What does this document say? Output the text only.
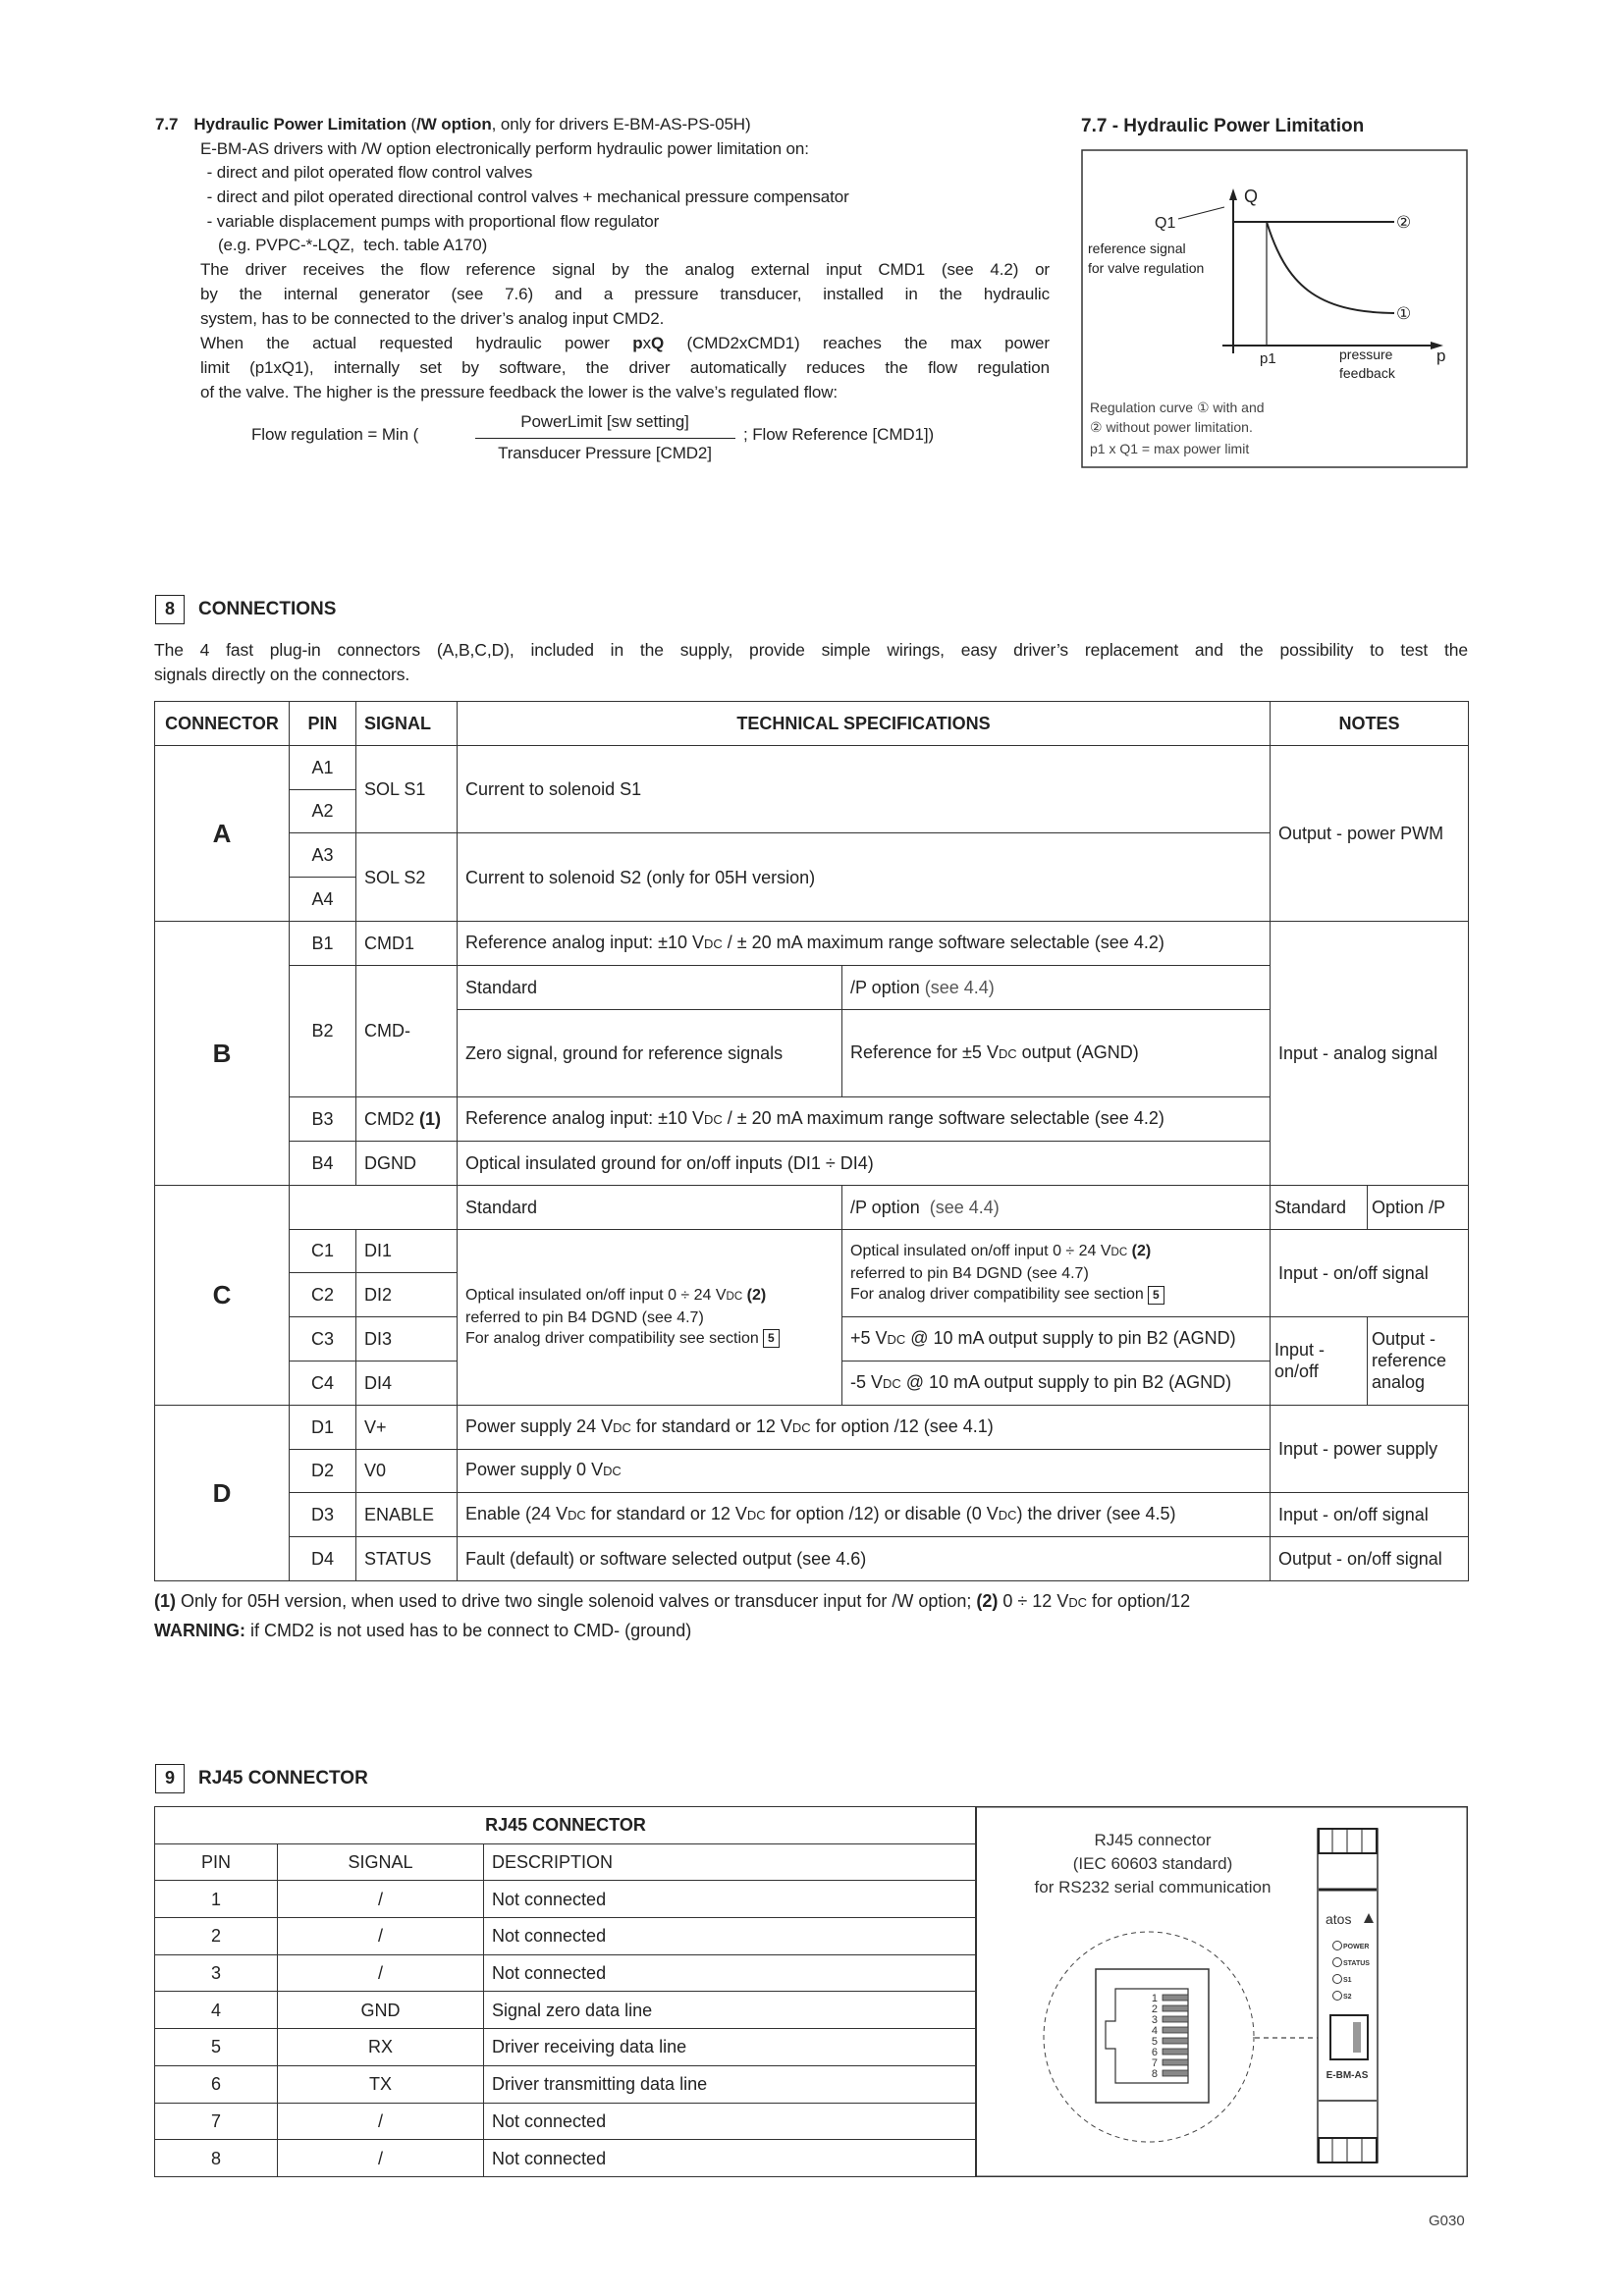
7.7 Hydraulic Power Limitation (/W option, only for drivers E-BM-AS-PS-05H)
E-BM-AS drivers with /W option electronically perform hydraulic power limitation on:
- direct and pilot operated flow control valves
- direct and pilot operated directional control valves + mechanical pressure compensator
- variable displacement pumps with proportional flow regulator
(e.g. PVPC-*-LQZ,  tech. table A170)
The driver receives the flow reference signal by the analog external input CMD1 (see 4.2) or
by the internal generator (see 7.6) and a pressure transducer, installed in the hydraulic
system, has to be connected to the driver’s analog input CMD2.
When the actual requested hydraulic power pxQ (CMD2xCMD1) reaches the max power
limit (p1xQ1), internally set by software, the driver automatically reduces the flow regulation
of the valve. The higher is the pressure feedback the lower is the valve’s regulated flow:
Flow regulation = Min (
PowerLimit [sw setting]
Transducer Pressure [CMD2]
; Flow Reference [CMD1])
7.7 - Hydraulic Power Limitation
Q
Q1
reference signal
for valve regulation
②
①
p1	pressure
feedback
p
Regulation curve ① with and
② without power limitation.
p1 x Q1 = max power limit
8	CONNECTIONS
The 4 fast plug-in connectors (A,B,C,D), included in the supply, provide simple wirings, easy driver’s replacement and the possibility to test the
signals directly on the connectors.
CONNECTOR	PIN	SIGNAL	TECHNICAL SPECIFICATIONS		NOTES	
A	A1	SOL S1	Current to solenoid S1		Output - power PWM	
	A2					
	A3	SOL S2	Current to solenoid S2 (only for 05H version)			
	A4					
B	B1	CMD1	Reference analog input: ±10 VDC / ± 20 mA maximum range software selectable (see 4.2)		Input - analog signal	
	B2	CMD-	Standard	/P option (see 4.4)		
			Zero signal, ground for reference signals	Reference for ±5 VDC output (AGND)		
	B3	CMD2 (1)	Reference analog input: ±10 VDC / ± 20 mA maximum range software selectable (see 4.2)			
	B4	DGND	Optical insulated ground for on/off inputs (DI1 ÷ DI4)			
C			Standard	/P option  (see 4.4)	Standard	Option /P
	C1	DI1	Optical insulated on/off input 0 ÷ 24 VDC (2)
referred to pin B4 DGND (see 4.7)
For analog driver compatibility see section 5	Optical insulated on/off input 0 ÷ 24 VDC (2)
referred to pin B4 DGND (see 4.7)
For analog driver compatibility see section 5	Input - on/off signal	
	C2	DI2				
	C3	DI3		+5 VDC @ 10 mA output supply to pin B2 (AGND)	Input - on/off	Output - reference analog
	C4	DI4		-5 VDC @ 10 mA output supply to pin B2 (AGND)		
D	D1	V+	Power supply 24 VDC for standard or 12 VDC for option /12 (see 4.1)		Input - power supply	
	D2	V0	Power supply 0 VDC			
	D3	ENABLE	Enable (24 VDC for standard or 12 VDC for option /12) or disable (0 VDC) the driver (see 4.5)		Input - on/off signal	
	D4	STATUS	Fault (default) or software selected output (see 4.6)		Output - on/off signal	
(1) Only for 05H version, when used to drive two single solenoid valves or transducer input for /W option; (2) 0 ÷ 12 VDC for option/12
WARNING: if CMD2 is not used has to be connect to CMD- (ground)
9	RJ45 CONNECTOR
RJ45 CONNECTOR		
PIN	SIGNAL	DESCRIPTION
1	/	Not connected
2	/	Not connected
3	/	Not connected
4	GND	Signal zero data line
5	RX	Driver receiving data line
6	TX	Driver transmitting data line
7	/	Not connected
8	/	Not connected
RJ45 connector
(IEC 60603 standard)
for RS232 serial communication
1
2
3
4
5
6
7
8
atos
POWER
STATUS
S1
S2
E-BM-AS
G030
